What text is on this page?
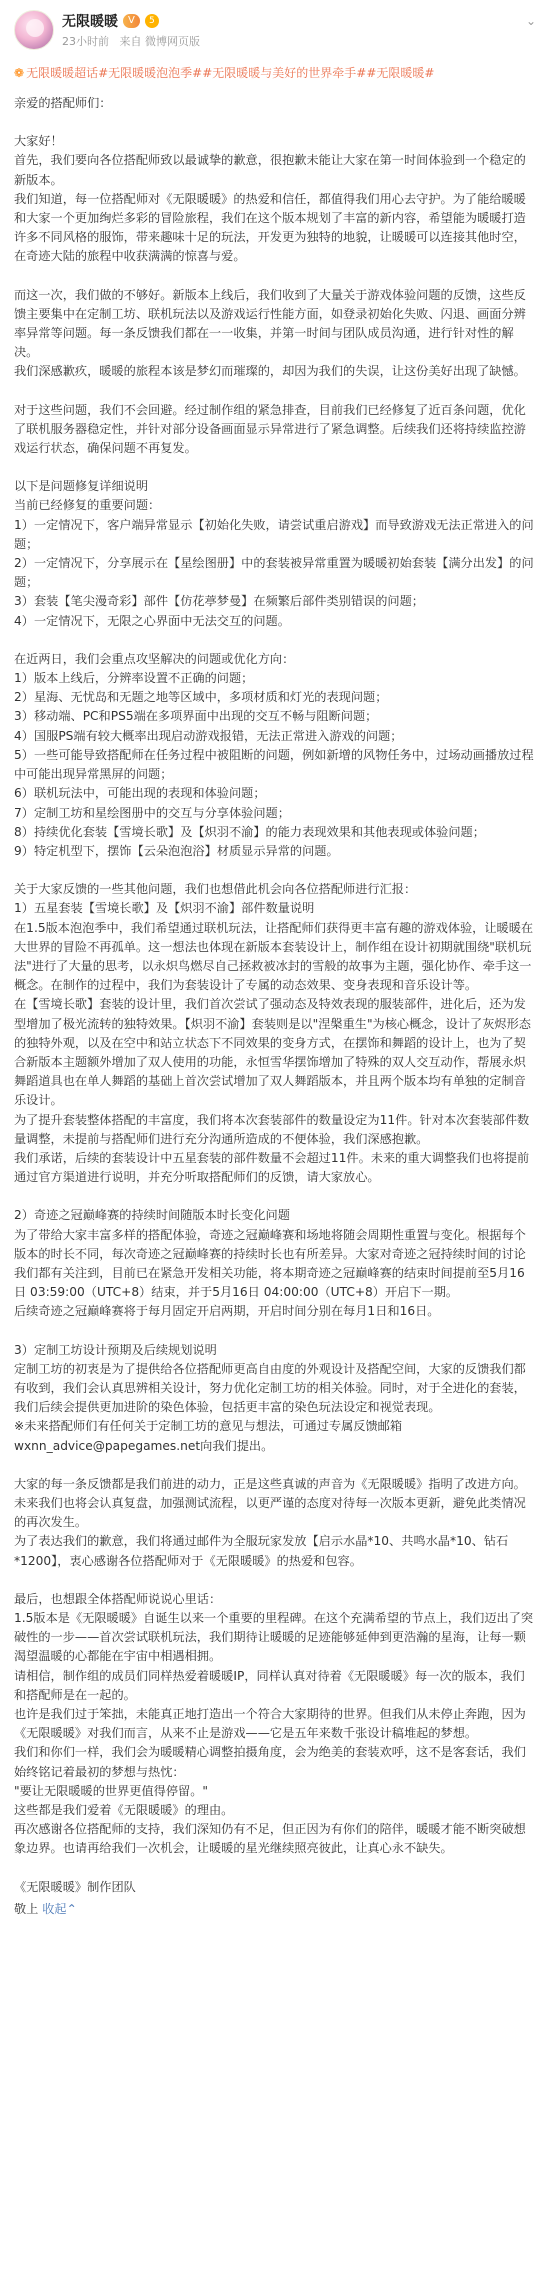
无限暖暖	V	5
23小时前 来自 微博网页版
⌄
❁ 无限暖暖超话#无限暖暖泡泡季##无限暖暖与美好的世界牵手##无限暖暖#

亲爱的搭配师们：

大家好！

首先，我们要向各位搭配师致以最诚挚的歉意，很抱歉未能让大家在第一时间体验到一个稳定的新版本。

我们知道，每一位搭配师对《无限暖暖》的热爱和信任，都值得我们用心去守护。为了能给暖暖和大家一个更加绚烂多彩的冒险旅程，我们在这个版本规划了丰富的新内容，希望能为暖暖打造许多不同风格的服饰，带来趣味十足的玩法，开发更为独特的地貌，让暖暖可以连接其他时空，在奇迹大陆的旅程中收获满满的惊喜与爱。

而这一次，我们做的不够好。新版本上线后，我们收到了大量关于游戏体验问题的反馈，这些反馈主要集中在定制工坊、联机玩法以及游戏运行性能方面，如登录初始化失败、闪退、画面分辨率异常等问题。每一条反馈我们都在一一收集，并第一时间与团队成员沟通，进行针对性的解决。

我们深感歉疚，暖暖的旅程本该是梦幻而璀璨的，却因为我们的失误，让这份美好出现了缺憾。

对于这些问题，我们不会回避。经过制作组的紧急排查，目前我们已经修复了近百条问题，优化了联机服务器稳定性，并针对部分设备画面显示异常进行了紧急调整。后续我们还将持续监控游戏运行状态，确保问题不再复发。

以下是问题修复详细说明

当前已经修复的重要问题：

1）一定情况下，客户端异常显示【初始化失败，请尝试重启游戏】而导致游戏无法正常进入的问题；

2）一定情况下，分享展示在【星绘图册】中的套装被异常重置为暖暖初始套装【满分出发】的问题；

3）套装【笔尖漫奇彩】部件【仿花葶梦曼】在频繁后部件类别错误的问题；

4）一定情况下，无限之心界面中无法交互的问题。

在近两日，我们会重点攻坚解决的问题或优化方向：

1）版本上线后，分辨率设置不正确的问题；

2）星海、无忧岛和无题之地等区域中，多项材质和灯光的表现问题；

3）移动端、PC和PS5端在多项界面中出现的交互不畅与阻断问题；

4）国服PS端有较大概率出现启动游戏报错，无法正常进入游戏的问题；

5）一些可能导致搭配师在任务过程中被阻断的问题，例如新增的风物任务中，过场动画播放过程中可能出现异常黑屏的问题；

6）联机玩法中，可能出现的表现和体验问题；

7）定制工坊和星绘图册中的交互与分享体验问题；

8）持续优化套装【雪境长歌】及【炽羽不渝】的能力表现效果和其他表现或体验问题；

9）特定机型下，摆饰【云朵泡泡浴】材质显示异常的问题。

关于大家反馈的一些其他问题，我们也想借此机会向各位搭配师进行汇报：

1）五星套装【雪境长歌】及【炽羽不渝】部件数量说明

在1.5版本泡泡季中，我们希望通过联机玩法，让搭配师们获得更丰富有趣的游戏体验，让暖暖在大世界的冒险不再孤单。这一想法也体现在新版本套装设计上，制作组在设计初期就围绕"联机玩法"进行了大量的思考，以永炽鸟燃尽自己拯救被冰封的雪般的故事为主题，强化协作、牵手这一概念。在制作的过程中，我们为套装设计了专属的动态效果、变身表现和音乐设计等。

在【雪境长歌】套装的设计里，我们首次尝试了强动态及特效表现的服装部件，进化后，还为发型增加了极光流转的独特效果。【炽羽不渝】套装则是以"涅槃重生"为核心概念，设计了灰烬形态的独特外观，以及在空中和站立状态下不同效果的变身方式，在摆饰和舞蹈的设计上，也为了契合新版本主题额外增加了双人使用的功能，永恒雪华摆饰增加了特殊的双人交互动作，帮展永炽舞蹈道具也在单人舞蹈的基础上首次尝试增加了双人舞蹈版本，并且两个版本均有单独的定制音乐设计。

为了提升套装整体搭配的丰富度，我们将本次套装部件的数量设定为11件。针对本次套装部件数量调整，未提前与搭配师们进行充分沟通所造成的不便体验，我们深感抱歉。

我们承诺，后续的套装设计中五星套装的部件数量不会超过11件。未来的重大调整我们也将提前通过官方渠道进行说明，并充分听取搭配师们的反馈，请大家放心。

2）奇迹之冠巅峰赛的持续时间随版本时长变化问题

为了带给大家丰富多样的搭配体验，奇迹之冠巅峰赛和场地将随会周期性重置与变化。根据每个版本的时长不同，每次奇迹之冠巅峰赛的持续时长也有所差异。大家对奇迹之冠持续时间的讨论我们都有关注到，目前已在紧急开发相关功能，将本期奇迹之冠巅峰赛的结束时间提前至5月16日 03:59:00（UTC+8）结束，并于5月16日 04:00:00（UTC+8）开启下一期。

后续奇迹之冠巅峰赛将于每月固定开启两期，开启时间分别在每月1日和16日。

3）定制工坊设计预期及后续规划说明

定制工坊的初衷是为了提供给各位搭配师更高自由度的外观设计及搭配空间，大家的反馈我们都有收到，我们会认真思辨相关设计，努力优化定制工坊的相关体验。同时，对于全进化的套装，我们后续会提供更加进阶的染色体验，包括更丰富的染色玩法设定和视觉表现。

※未来搭配师们有任何关于定制工坊的意见与想法，可通过专属反馈邮箱wxnn_advice@papegames.net向我们提出。

大家的每一条反馈都是我们前进的动力，正是这些真诚的声音为《无限暖暖》指明了改进方向。未来我们也将会认真复盘，加强测试流程，以更严谨的态度对待每一次版本更新，避免此类情况的再次发生。

为了表达我们的歉意，我们将通过邮件为全服玩家发放【启示水晶*10、共鸣水晶*10、钻石*1200】，衷心感谢各位搭配师对于《无限暖暖》的热爱和包容。

最后，也想跟全体搭配师说说心里话：

1.5版本是《无限暖暖》自诞生以来一个重要的里程碑。在这个充满希望的节点上，我们迈出了突破性的一步——首次尝试联机玩法，我们期待让暖暖的足迹能够延伸到更浩瀚的星海，让每一颗渴望温暖的心都能在宇宙中相遇相拥。

请相信，制作组的成员们同样热爱着暖暖IP，同样认真对待着《无限暖暖》每一次的版本，我们和搭配师是在一起的。

也许是我们过于笨拙，未能真正地打造出一个符合大家期待的世界。但我们从未停止奔跑，因为《无限暖暖》对我们而言，从来不止是游戏——它是五年来数千张设计稿堆起的梦想。

我们和你们一样，我们会为暖暖精心调整拍摄角度，会为绝美的套装欢呼，这不是客套话，我们始终铭记着最初的梦想与热忱：

"要让无限暖暖的世界更值得停留。"

这些都是我们爱着《无限暖暖》的理由。

再次感谢各位搭配师的支持，我们深知仍有不足，但正因为有你们的陪伴，暖暖才能不断突破想象边界。也请再给我们一次机会，让暖暖的星光继续照亮彼此，让真心永不缺失。

《无限暖暖》制作团队

敬上 收起⌃
